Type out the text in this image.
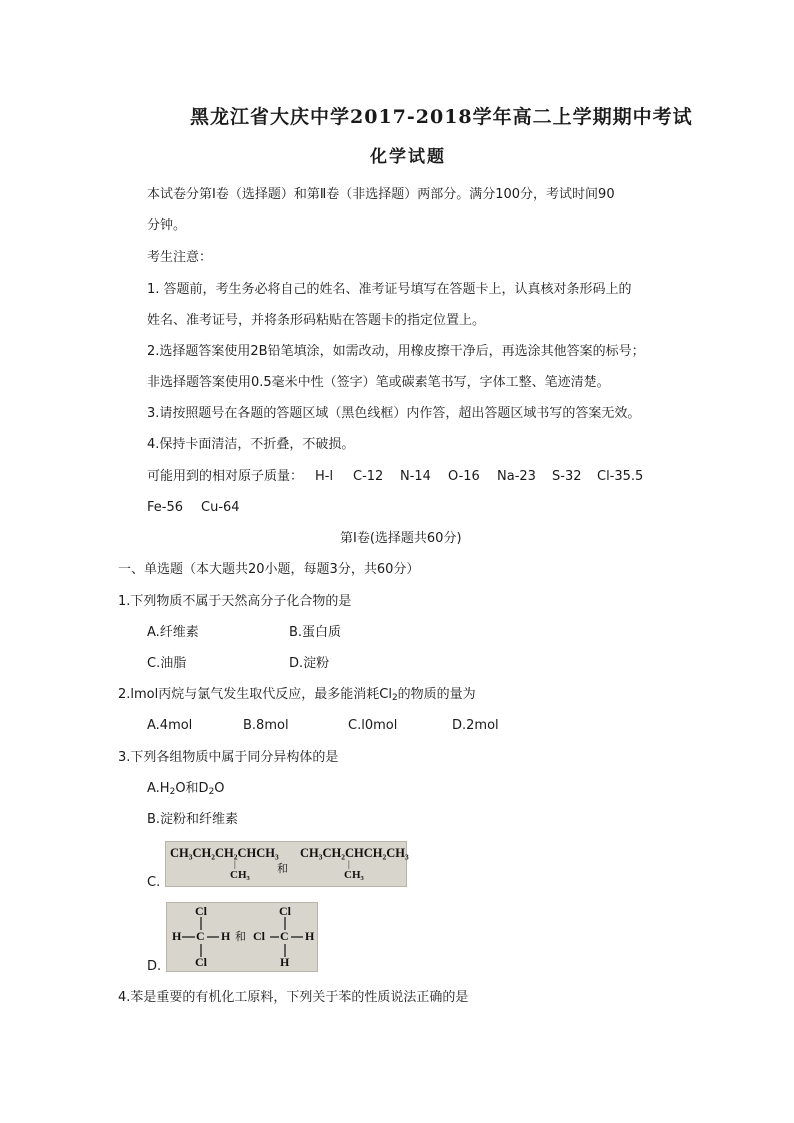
黑龙江省大庆中学2017-2018学年高二上学期期中考试
化学试题
本试卷分第Ⅰ卷（选择题）和第Ⅱ卷（非选择题）两部分。满分100分，考试时间90
分钟。
考生注意：
1. 答题前，考生务必将自己的姓名、准考证号填写在答题卡上，认真核对条形码上的
姓名、准考证号，并将条形码粘贴在答题卡的指定位置上。
2.选择题答案使用2B铅笔填涂，如需改动，用橡皮擦干净后，再选涂其他答案的标号；
非选择题答案使用0.5毫米中性（签字）笔或碳素笔书写，字体工整、笔迹清楚。
3.请按照题号在各题的答题区域（黑色线框）内作答，超出答题区域书写的答案无效。
4.保持卡面清洁，不折叠，不破损。
可能用到的相对原子质量： H-l C-12 N-14 O-16 Na-23 S-32 Cl-35.5
Fe-56 Cu-64
第Ⅰ卷(选择题共60分)
一、单选题（本大题共20小题，每题3分，共60分）
1.下列物质不属于天然高分子化合物的是
A.纤维素	B.蛋白质
C.油脂	D.淀粉
2.lmol丙烷与氯气发生取代反应，最多能消耗$Cl_2$的物质的量为
A.4mol	B.8mol	C.l0mol	D.2mol
3.下列各组物质中属于同分异构体的是
$A.H_2O$和$D_2O$
B.淀粉和纤维素
C.
CH₃CH₂CH₂CHCH₃
|
CH₃ 和
CH₃CH₂CHCH₂CH₃
|
CH₃
D.
Cl
H C H
Cl
和
Cl
Cl C H
H
4.苯是重要的有机化工原料，下列关于苯的性质说法正确的是
